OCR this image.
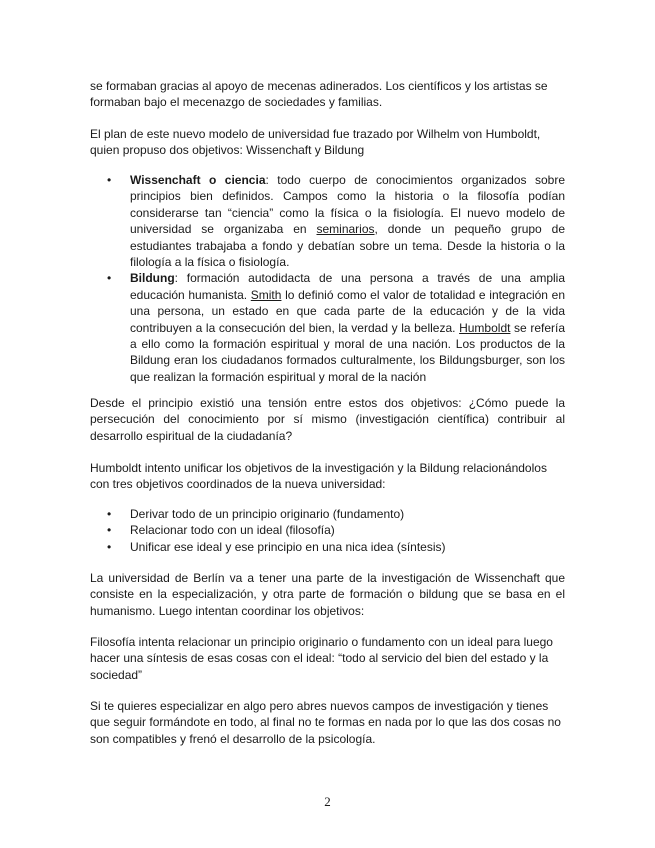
se formaban gracias al apoyo de mecenas adinerados. Los científicos y los artistas se formaban bajo el mecenazgo de sociedades y familias.

El plan de este nuevo modelo de universidad fue trazado por Wilhelm von Humboldt, quien propuso dos objetivos: Wissenchaft y Bildung

• Wissenchaft o ciencia: todo cuerpo de conocimientos organizados sobre principios bien definidos. Campos como la historia o la filosofía podían considerarse tan “ciencia” como la física o la fisiología. El nuevo modelo de universidad se organizaba en seminarios, donde un pequeño grupo de estudiantes trabajaba a fondo y debatían sobre un tema. Desde la historia o la filología a la física o fisiología.
• Bildung: formación autodidacta de una persona a través de una amplia educación humanista. Smith lo definió como el valor de totalidad e integración en una persona, un estado en que cada parte de la educación y de la vida contribuyen a la consecución del bien, la verdad y la belleza. Humboldt se refería a ello como la formación espiritual y moral de una nación. Los productos de la Bildung eran los ciudadanos formados culturalmente, los Bildungsburger, son los que realizan la formación espiritual y moral de la nación

Desde el principio existió una tensión entre estos dos objetivos: ¿Cómo puede la persecución del conocimiento por sí mismo (investigación científica) contribuir al desarrollo espiritual de la ciudadanía?

Humboldt intento unificar los objetivos de la investigación y la Bildung relacionándolos con tres objetivos coordinados de la nueva universidad:

• Derivar todo de un principio originario (fundamento)
• Relacionar todo con un ideal (filosofía)
• Unificar ese ideal y ese principio en una nica idea (síntesis)

La universidad de Berlín va a tener una parte de la investigación de Wissenchaft que consiste en la especialización, y otra parte de formación o bildung que se basa en el humanismo. Luego intentan coordinar los objetivos:

Filosofía intenta relacionar un principio originario o fundamento con un ideal para luego hacer una síntesis de esas cosas con el ideal: “todo al servicio del bien del estado y la sociedad”

Si te quieres especializar en algo pero abres nuevos campos de investigación y tienes que seguir formándote en todo, al final no te formas en nada por lo que las dos cosas no son compatibles y frenó el desarrollo de la psicología.

2
